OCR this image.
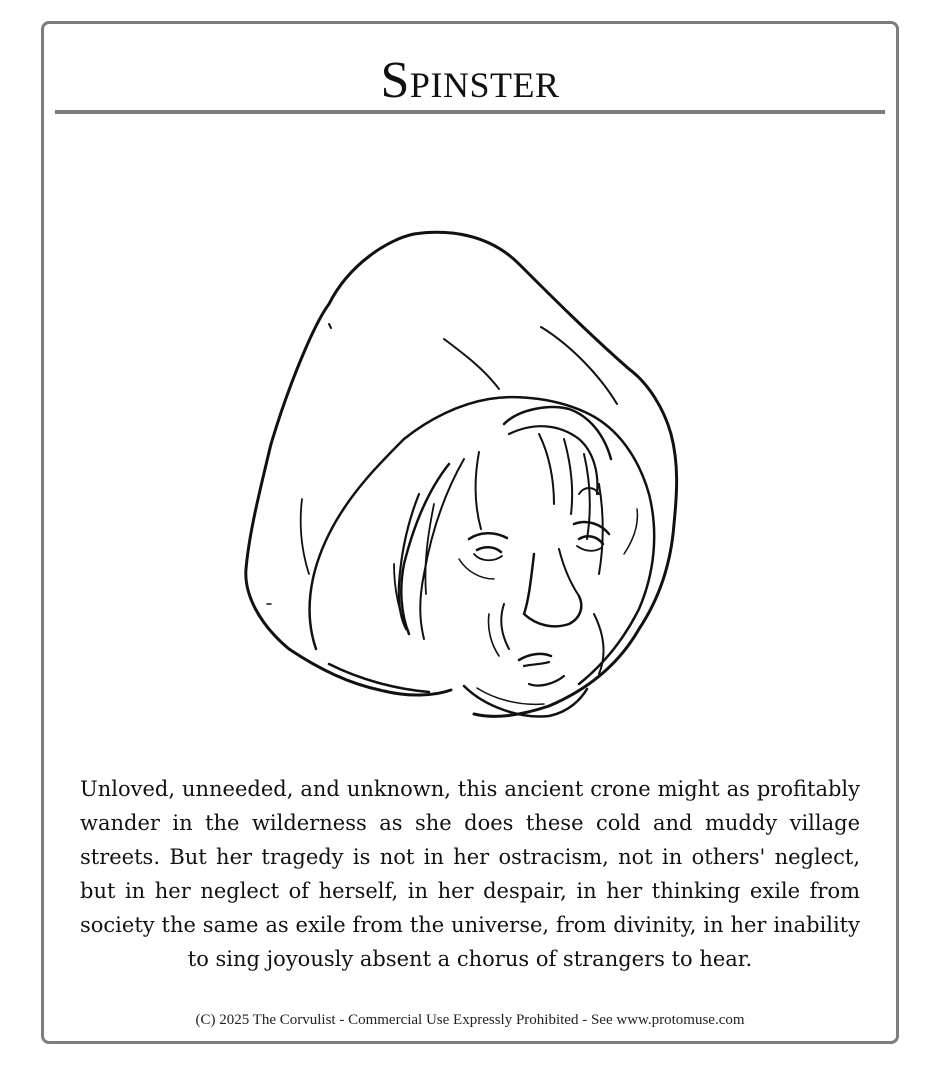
Spinster

Unloved, unneeded, and unknown, this ancient crone might as profitably wander in the wilderness as she does these cold and muddy village streets. But her tragedy is not in her ostracism, not in others' neglect, but in her neglect of herself, in her despair, in her thinking exile from society the same as exile from the universe, from divinity, in her inability to sing joyously absent a chorus of strangers to hear.

(C) 2025 The Corvulist - Commercial Use Expressly Prohibited - See www.protomuse.com
